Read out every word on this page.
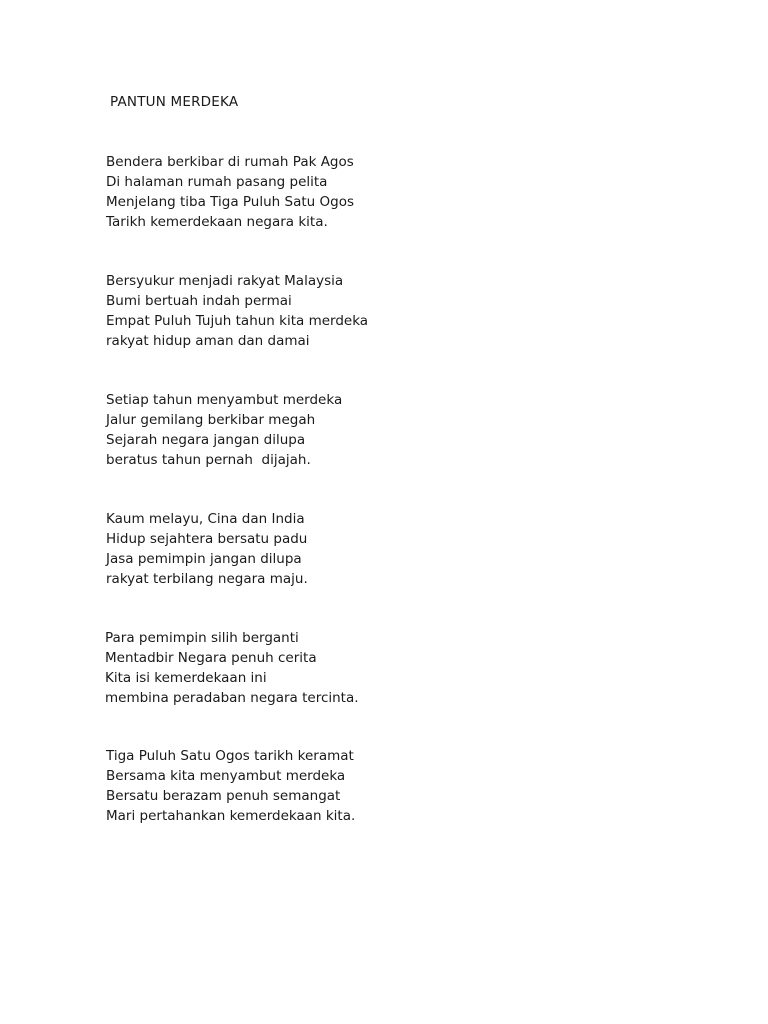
PANTUN MERDEKA
Bendera berkibar di rumah Pak Agos
Di halaman rumah pasang pelita
Menjelang tiba Tiga Puluh Satu Ogos
Tarikh kemerdekaan negara kita.
Bersyukur menjadi rakyat Malaysia
Bumi bertuah indah permai
Empat Puluh Tujuh tahun kita merdeka
rakyat hidup aman dan damai
Setiap tahun menyambut merdeka
Jalur gemilang berkibar megah
Sejarah negara jangan dilupa
beratus tahun pernah  dijajah.
Kaum melayu, Cina dan India
Hidup sejahtera bersatu padu
Jasa pemimpin jangan dilupa
rakyat terbilang negara maju.
Para pemimpin silih berganti
Mentadbir Negara penuh cerita
Kita isi kemerdekaan ini
membina peradaban negara tercinta.
Tiga Puluh Satu Ogos tarikh keramat
Bersama kita menyambut merdeka
Bersatu berazam penuh semangat
Mari pertahankan kemerdekaan kita.
